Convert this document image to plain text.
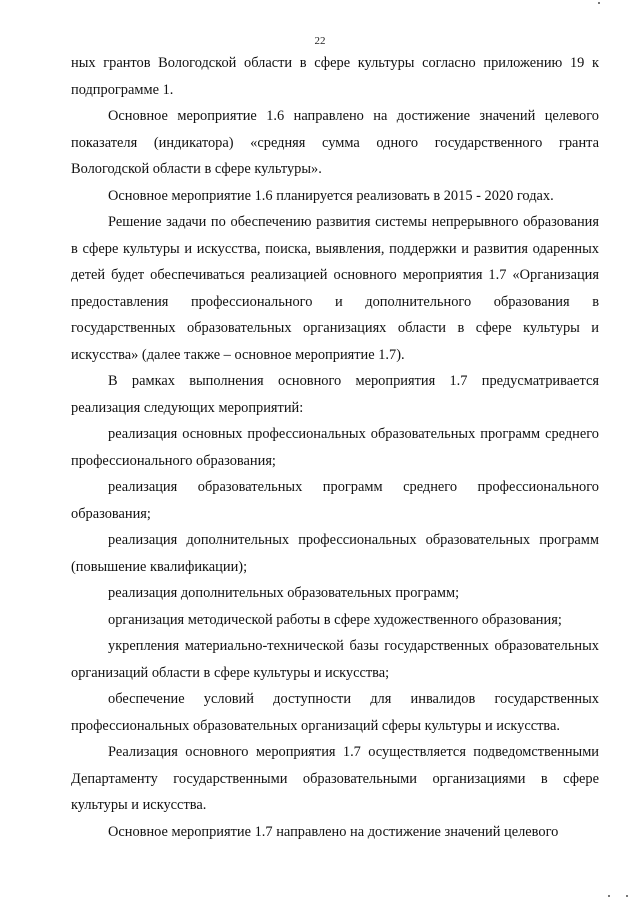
22

ных грантов Вологодской области в сфере культуры согласно приложению 19 к подпрограмме 1.

Основное мероприятие 1.6 направлено на достижение значений целевого показателя (индикатора) «средняя сумма одного государственного гранта Вологодской области в сфере культуры».

Основное мероприятие 1.6 планируется реализовать в 2015 - 2020 годах.

Решение задачи по обеспечению развития системы непрерывного образования в сфере культуры и искусства, поиска, выявления, поддержки и развития одаренных детей будет обеспечиваться реализацией основного мероприятия 1.7 «Организация предоставления профессионального и дополнительного образования в государственных образовательных организациях области в сфере культуры и искусства» (далее также – основное мероприятие 1.7).

В рамках выполнения основного мероприятия 1.7 предусматривается реализация следующих мероприятий:

реализация основных профессиональных образовательных программ среднего профессионального образования;

реализация образовательных программ среднего профессионального образования;

реализация дополнительных профессиональных образовательных программ (повышение квалификации);

реализация дополнительных образовательных программ;

организация методической работы в сфере художественного образования;

укрепления материально-технической базы государственных образовательных организаций области в сфере культуры и искусства;

обеспечение условий доступности для инвалидов государственных профессиональных образовательных организаций сферы культуры и искусства.

Реализация основного мероприятия 1.7 осуществляется подведомственными Департаменту государственными образовательными организациями в сфере культуры и искусства.

Основное мероприятие 1.7 направлено на достижение значений целевого
